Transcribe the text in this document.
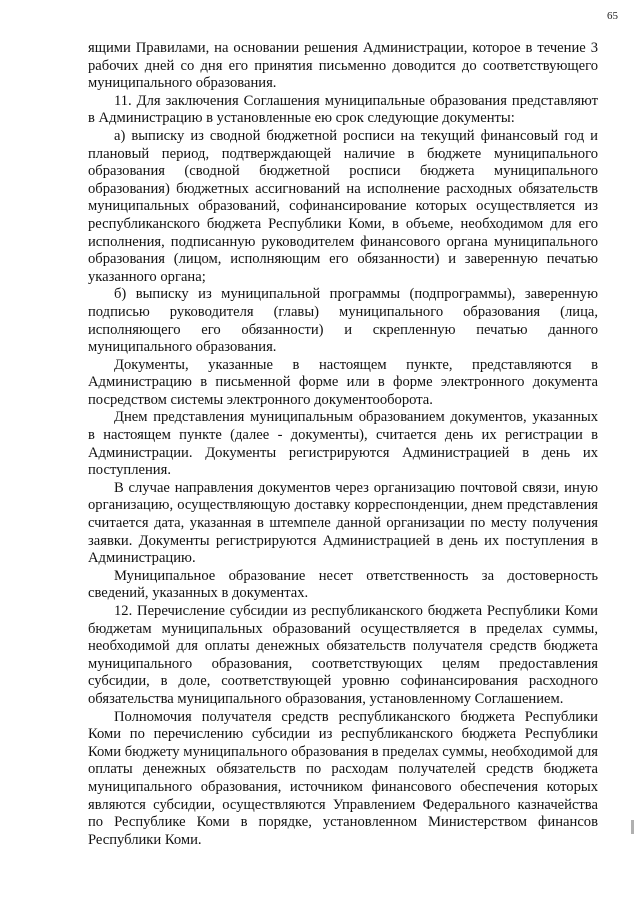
65

ящими Правилами, на основании решения Администрации, которое в течение 3 рабочих дней со дня его принятия письменно доводится до соответствующего муниципального образования.

11. Для заключения Соглашения муниципальные образования представляют в Администрацию в установленные ею срок следующие документы:

а) выписку из сводной бюджетной росписи на текущий финансовый год и плановый период, подтверждающей наличие в бюджете муниципального образования (сводной бюджетной росписи бюджета муниципального образования) бюджетных ассигнований на исполнение расходных обязательств муниципальных образований, софинансирование которых осуществляется из республиканского бюджета Республики Коми, в объеме, необходимом для его исполнения, подписанную руководителем финансового органа муниципального образования (лицом, исполняющим его обязанности) и заверенную печатью указанного органа;

б) выписку из муниципальной программы (подпрограммы), заверенную подписью руководителя (главы) муниципального образования (лица, исполняющего его обязанности) и скрепленную печатью данного муниципального образования.

Документы, указанные в настоящем пункте, представляются в Администрацию в письменной форме или в форме электронного документа посредством системы электронного документооборота.

Днем представления муниципальным образованием документов, указанных в настоящем пункте (далее - документы), считается день их регистрации в Администрации. Документы регистрируются Администрацией в день их поступления.

В случае направления документов через организацию почтовой связи, иную организацию, осуществляющую доставку корреспонденции, днем представления считается дата, указанная в штемпеле данной организации по месту получения заявки. Документы регистрируются Администрацией в день их поступления в Администрацию.

Муниципальное образование несет ответственность за достоверность сведений, указанных в документах.

12. Перечисление субсидии из республиканского бюджета Республики Коми бюджетам муниципальных образований осуществляется в пределах суммы, необходимой для оплаты денежных обязательств получателя средств бюджета муниципального образования, соответствующих целям предоставления субсидии, в доле, соответствующей уровню софинансирования расходного обязательства муниципального образования, установленному Соглашением.

Полномочия получателя средств республиканского бюджета Республики Коми по перечислению субсидии из республиканского бюджета Республики Коми бюджету муниципального образования в пределах суммы, необходимой для оплаты денежных обязательств по расходам получателей средств бюджета муниципального образования, источником финансового обеспечения которых являются субсидии, осуществляются Управлением Федерального казначейства по Республике Коми в порядке, установленном Министерством финансов Республики Коми.
